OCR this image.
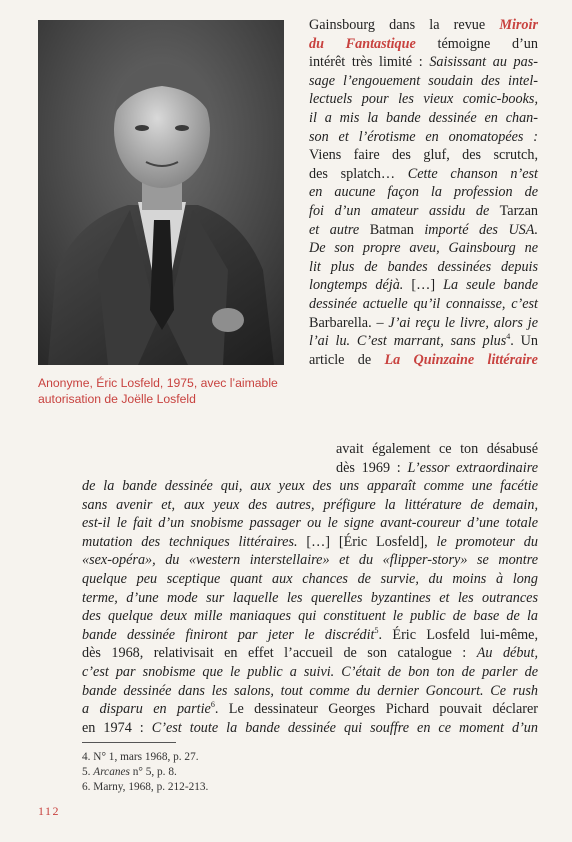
Anonyme, Éric Losfeld, 1975, avec l’aimable
autorisation de Joëlle Losfeld
Gainsbourg dans la revue Miroir
du Fantastique témoigne d’un
intérêt très limité : Saisissant au pas-
sage l’engouement soudain des intel-
lectuels pour les vieux comic-books,
il a mis la bande dessinée en chan-
son et l’érotisme en onomatopées :
Viens faire des gluf, des scrutch,
des splatch… Cette chanson n’est
en aucune façon la profession de
foi d’un amateur assidu de Tarzan
et autre Batman importé des USA.
De son propre aveu, Gainsbourg ne
lit plus de bandes dessinées depuis
longtemps déjà. […] La seule bande
dessinée actuelle qu’il connaisse, c’est
Barbarella. – J’ai reçu le livre, alors je
l’ai lu. C’est marrant, sans plus$^4$. Un
article de La Quinzaine littéraire
avait également ce ton désabusé
dès 1969 : L’essor extraordinaire
de la bande dessinée qui, aux yeux des uns apparaît comme une facétie
sans avenir et, aux yeux des autres, préfigure la littérature de demain,
est-il le fait d’un snobisme passager ou le signe avant-coureur d’une totale
mutation des techniques littéraires. […] [Éric Losfeld], le promoteur du
«sex-opéra», du «western interstellaire» et du «flipper-story» se montre
quelque peu sceptique quant aux chances de survie, du moins à long
terme, d’une mode sur laquelle les querelles byzantines et les outrances
des quelque deux mille maniaques qui constituent le public de base de la
bande dessinée finiront par jeter le discrédit$^5$. Éric Losfeld lui-même,
dès 1968, relativisait en effet l’accueil de son catalogue : Au début,
c’est par snobisme que le public a suivi. C’était de bon ton de parler de
bande dessinée dans les salons, tout comme du dernier Goncourt. Ce rush
a disparu en partie$^6$. Le dessinateur Georges Pichard pouvait déclarer
en 1974 : C’est toute la bande dessinée qui souffre en ce moment d’un
4. N° 1, mars 1968, p. 27.
5. Arcanes n° 5, p. 8.
6. Marny, 1968, p. 212-213.
112
